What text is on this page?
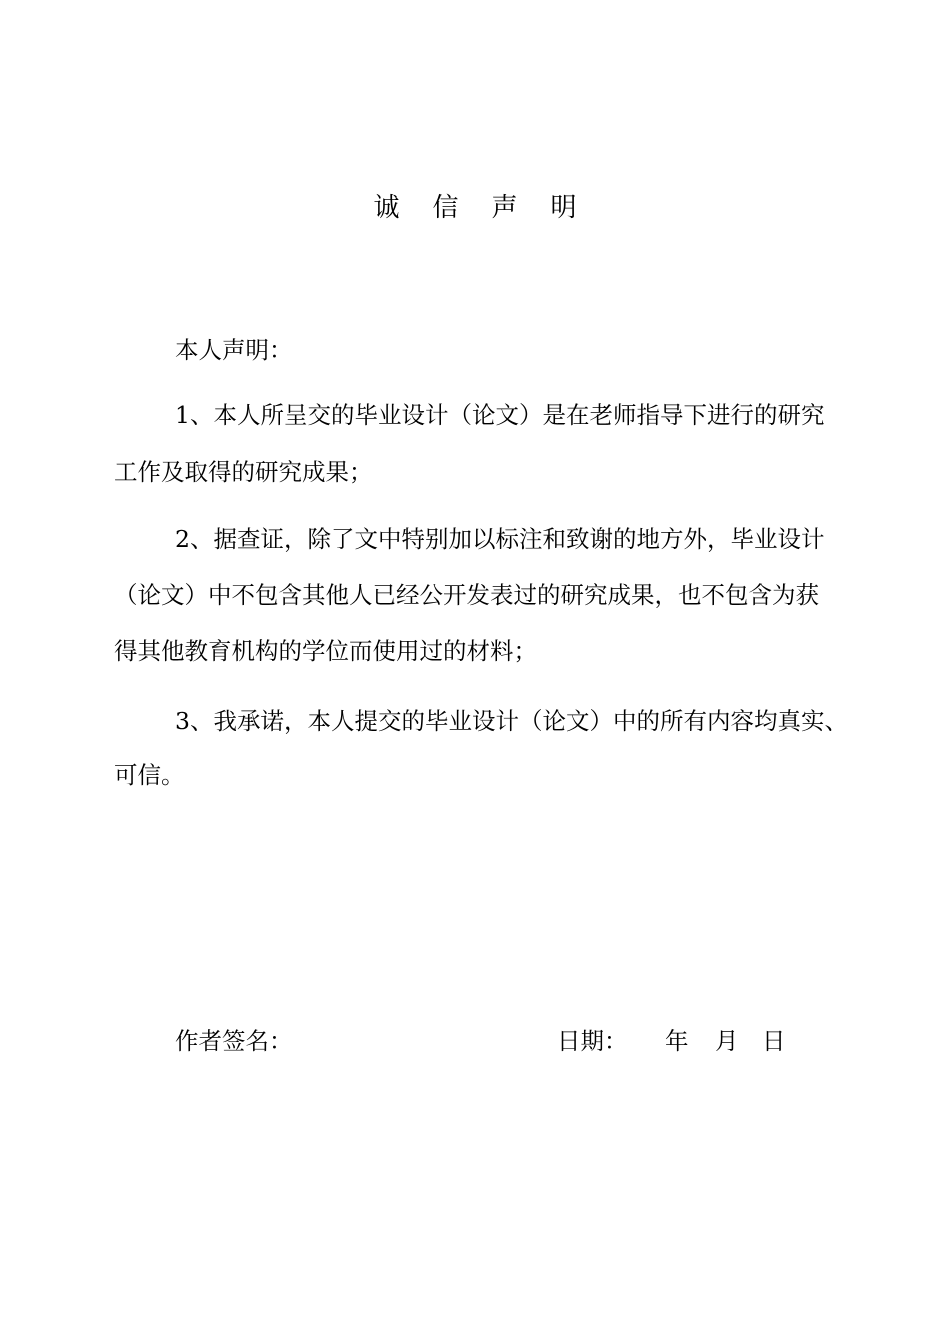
诚信声明
本人声明：
1、本人所呈交的毕业设计（论文）是在老师指导下进行的研究
工作及取得的研究成果；
2、据查证，除了文中特别加以标注和致谢的地方外，毕业设计
（论文）中不包含其他人已经公开发表过的研究成果，也不包含为获
得其他教育机构的学位而使用过的材料；
3、我承诺，本人提交的毕业设计（论文）中的所有内容均真实、
可信。
作者签名：	日期： 年 月 日
